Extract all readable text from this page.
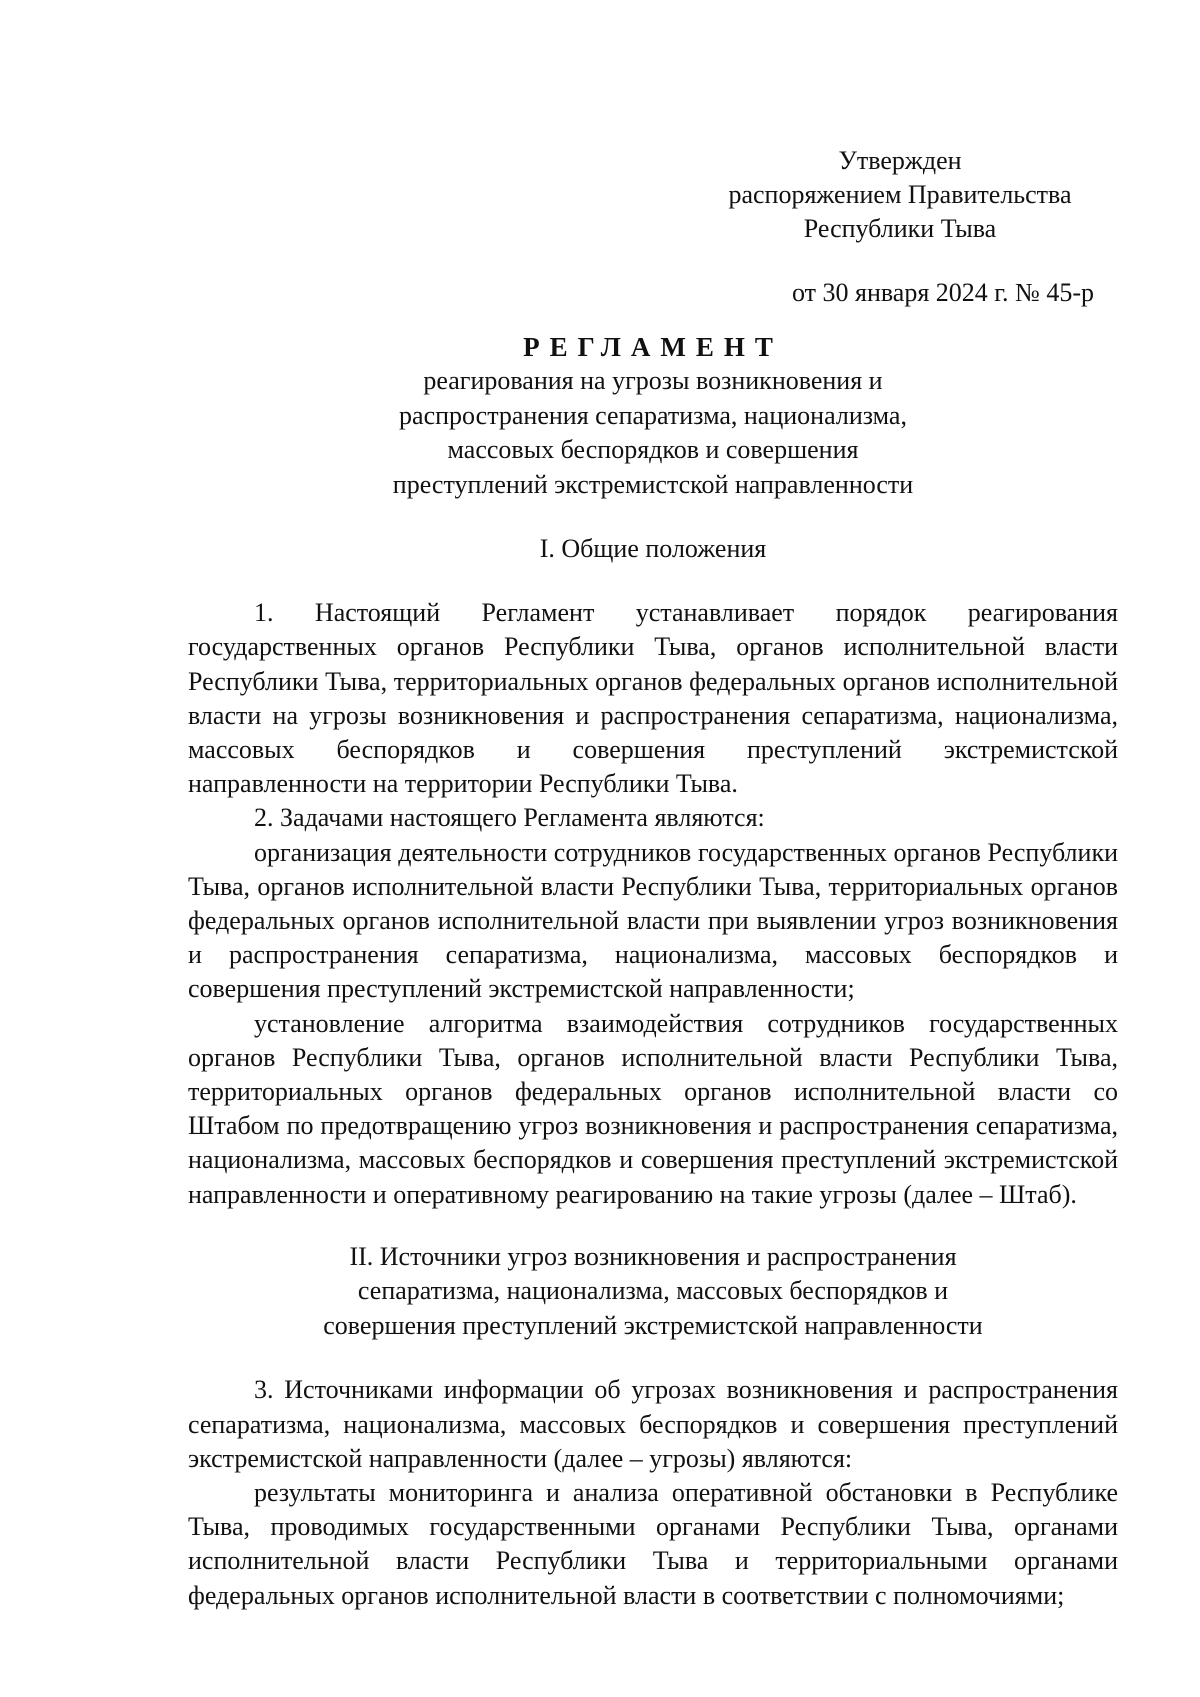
Утвержден
распоряжением Правительства
Республики Тыва
от 30 января 2024 г. № 45-р
РЕГЛАМЕНТ

реагирования на угрозы возникновения и

распространения сепаратизма, национализма,

массовых беспорядков и совершения

преступлений экстремистской направленности

I. Общие положения

1. Настоящий Регламент устанавливает порядок реагирования государственных органов Республики Тыва, органов исполнительной власти Республики Тыва, территориальных органов федеральных органов исполнительной власти на угрозы возникновения и распространения сепаратизма, национализма, массовых беспорядков и совершения преступлений экстремистской направленности на территории Республики Тыва.

2. Задачами настоящего Регламента являются:

организация деятельности сотрудников государственных органов Республики Тыва, органов исполнительной власти Республики Тыва, территориальных органов федеральных органов исполнительной власти при выявлении угроз возникновения и распространения сепаратизма, национализма, массовых беспорядков и совершения преступлений экстремистской направленности;

установление алгоритма взаимодействия сотрудников государственных органов Республики Тыва, органов исполнительной власти Республики Тыва, территориальных органов федеральных органов исполнительной власти со Штабом по предотвращению угроз возникновения и распространения сепаратизма, национализма, массовых беспорядков и совершения преступлений экстремистской направленности и оперативному реагированию на такие угрозы (далее – Штаб).

II. Источники угроз возникновения и распространения

сепаратизма, национализма, массовых беспорядков и

совершения преступлений экстремистской направленности

3. Источниками информации об угрозах возникновения и распространения сепаратизма, национализма, массовых беспорядков и совершения преступлений экстремистской направленности (далее – угрозы) являются:

результаты мониторинга и анализа оперативной обстановки в Республике Тыва, проводимых государственными органами Республики Тыва, органами исполнительной власти Республики Тыва и территориальными органами федеральных органов исполнительной власти в соответствии с полномочиями;
